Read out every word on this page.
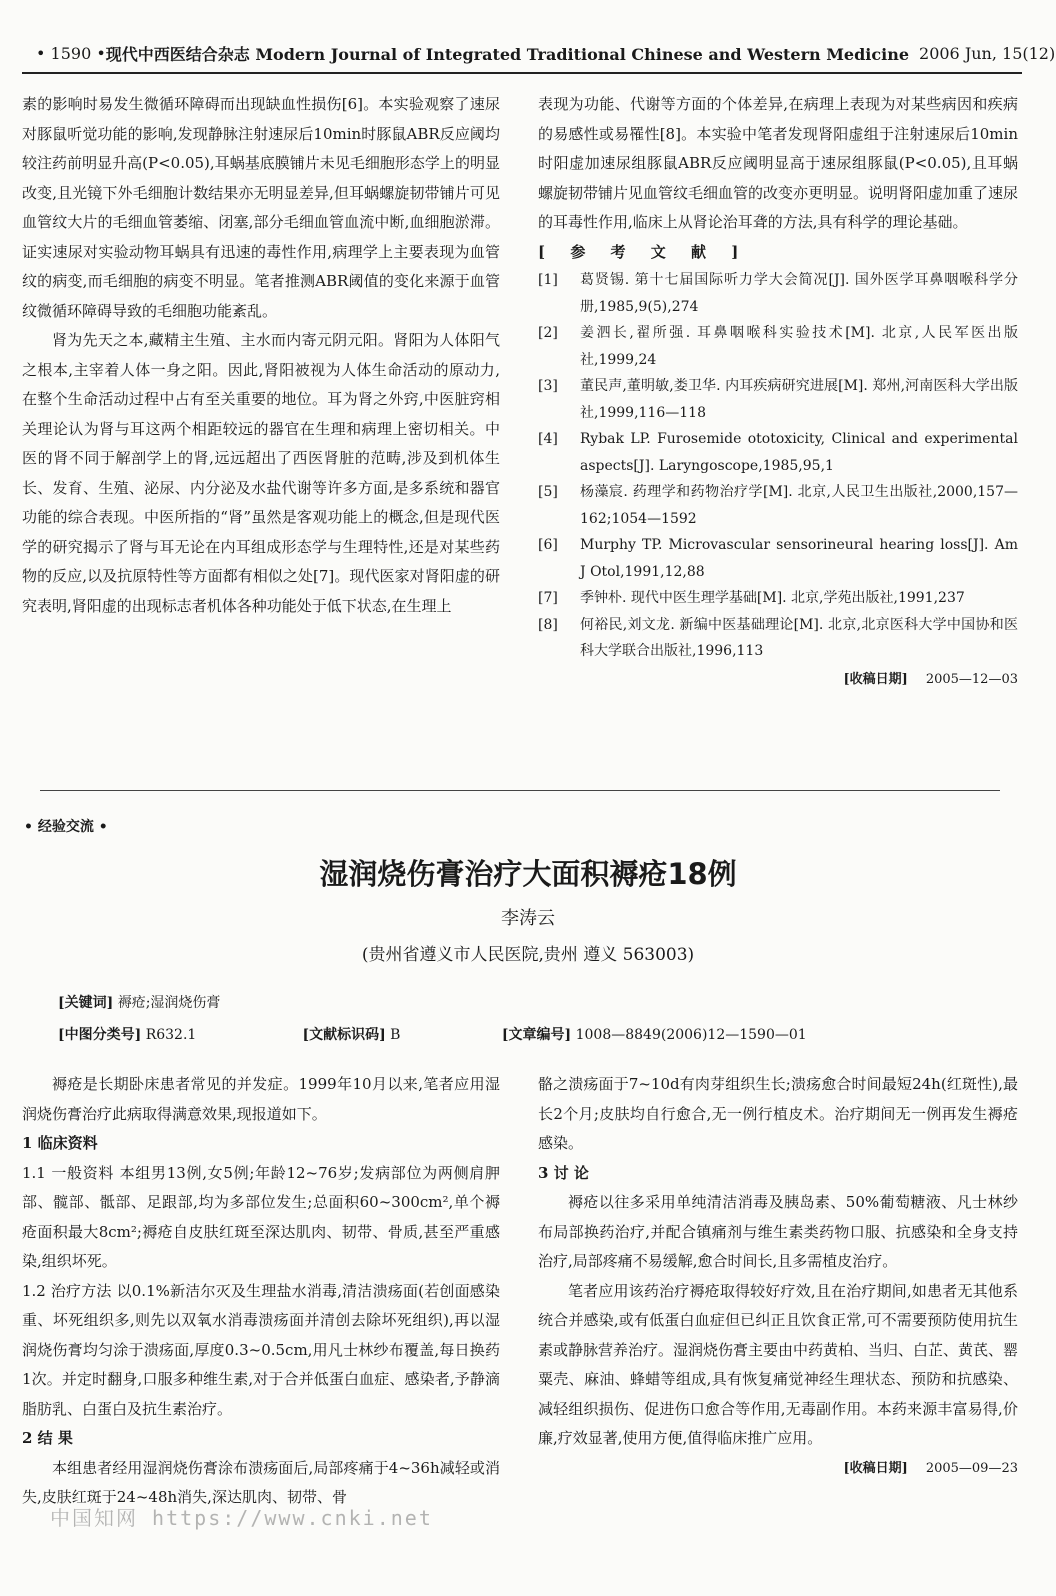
• 1590 • 现代中西医结合杂志 Modern Journal of Integrated Traditional Chinese and Western Medicine 2006 Jun, 15(12)

素的影响时易发生微循环障碍而出现缺血性损伤[6]。本实验观察了速尿对豚鼠听觉功能的影响,发现静脉注射速尿后10min时豚鼠ABR反应阈均较注药前明显升高(P<0.05),耳蜗基底膜铺片未见毛细胞形态学上的明显改变,且光镜下外毛细胞计数结果亦无明显差异,但耳蜗螺旋韧带铺片可见血管纹大片的毛细血管萎缩、闭塞,部分毛细血管血流中断,血细胞淤滞。证实速尿对实验动物耳蜗具有迅速的毒性作用,病理学上主要表现为血管纹的病变,而毛细胞的病变不明显。笔者推测ABR阈值的变化来源于血管纹微循环障碍导致的毛细胞功能紊乱。

肾为先天之本,藏精主生殖、主水而内寄元阴元阳。肾阳为人体阳气之根本,主宰着人体一身之阳。因此,肾阳被视为人体生命活动的原动力,在整个生命活动过程中占有至关重要的地位。耳为肾之外窍,中医脏窍相关理论认为肾与耳这两个相距较远的器官在生理和病理上密切相关。中医的肾不同于解剖学上的肾,远远超出了西医肾脏的范畴,涉及到机体生长、发育、生殖、泌尿、内分泌及水盐代谢等许多方面,是多系统和器官功能的综合表现。中医所指的“肾”虽然是客观功能上的概念,但是现代医学的研究揭示了肾与耳无论在内耳组成形态学与生理特性,还是对某些药物的反应,以及抗原特性等方面都有相似之处[7]。现代医家对肾阳虚的研究表明,肾阳虚的出现标志者机体各种功能处于低下状态,在生理上

表现为功能、代谢等方面的个体差异,在病理上表现为对某些病因和疾病的易感性或易罹性[8]。本实验中笔者发现肾阳虚组于注射速尿后10min时阳虚加速尿组豚鼠ABR反应阈明显高于速尿组豚鼠(P<0.05),且耳蜗螺旋韧带铺片见血管纹毛细血管的改变亦更明显。说明肾阳虚加重了速尿的耳毒性作用,临床上从肾论治耳聋的方法,具有科学的理论基础。

[ 参 考 文 献 ]

[1]	葛贤锡. 第十七届国际听力学大会简况[J]. 国外医学耳鼻咽喉科学分册,1985,9(5),274
[2]	姜泗长,翟所强. 耳鼻咽喉科实验技术[M]. 北京,人民军医出版社,1999,24
[3]	董民声,董明敏,娄卫华. 内耳疾病研究进展[M]. 郑州,河南医科大学出版社,1999,116—118
[4]	Rybak LP. Furosemide ototoxicity, Clinical and experimental aspects[J]. Laryngoscope,1985,95,1
[5]	杨藻宸. 药理学和药物治疗学[M]. 北京,人民卫生出版社,2000,157—162;1054—1592
[6]	Murphy TP. Microvascular sensorineural hearing loss[J]. Am J Otol,1991,12,88
[7]	季钟朴. 现代中医生理学基础[M]. 北京,学苑出版社,1991,237
[8]	何裕民,刘文龙. 新编中医基础理论[M]. 北京,北京医科大学中国协和医科大学联合出版社,1996,113
[收稿日期] 2005—12—03
• 经验交流 •
湿润烧伤膏治疗大面积褥疮18例
李涛云
(贵州省遵义市人民医院,贵州 遵义 563003)
[关键词] 褥疮;湿润烧伤膏
[中图分类号] R632.1	[文献标识码] B	[文章编号] 1008—8849(2006)12—1590—01

褥疮是长期卧床患者常见的并发症。1999年10月以来,笔者应用湿润烧伤膏治疗此病取得满意效果,现报道如下。

1 临床资料

1.1 一般资料 本组男13例,女5例;年龄12~76岁;发病部位为两侧肩胛部、髋部、骶部、足跟部,均为多部位发生;总面积60~300cm²,单个褥疮面积最大8cm²;褥疮自皮肤红斑至深达肌肉、韧带、骨质,甚至严重感染,组织坏死。

1.2 治疗方法 以0.1%新洁尔灭及生理盐水消毒,清洁溃疡面(若创面感染重、坏死组织多,则先以双氧水消毒溃疡面并清创去除坏死组织),再以湿润烧伤膏均匀涂于溃疡面,厚度0.3~0.5cm,用凡士林纱布覆盖,每日换药1次。并定时翻身,口服多种维生素,对于合并低蛋白血症、感染者,予静滴脂肪乳、白蛋白及抗生素治疗。

2 结 果

本组患者经用湿润烧伤膏涂布溃疡面后,局部疼痛于4~36h减轻或消失,皮肤红斑于24~48h消失,深达肌肉、韧带、骨

骼之溃疡面于7~10d有肉芽组织生长;溃疡愈合时间最短24h(红斑性),最长2个月;皮肤均自行愈合,无一例行植皮术。治疗期间无一例再发生褥疮感染。

3 讨 论

褥疮以往多采用单纯清洁消毒及胰岛素、50%葡萄糖液、凡士林纱布局部换药治疗,并配合镇痛剂与维生素类药物口服、抗感染和全身支持治疗,局部疼痛不易缓解,愈合时间长,且多需植皮治疗。

笔者应用该药治疗褥疮取得较好疗效,且在治疗期间,如患者无其他系统合并感染,或有低蛋白血症但已纠正且饮食正常,可不需要预防使用抗生素或静脉营养治疗。湿润烧伤膏主要由中药黄柏、当归、白芷、黄芪、罂粟壳、麻油、蜂蜡等组成,具有恢复痛觉神经生理状态、预防和抗感染、减轻组织损伤、促进伤口愈合等作用,无毒副作用。本药来源丰富易得,价廉,疗效显著,使用方便,值得临床推广应用。

[收稿日期] 2005—09—23
中国知网 https://www.cnki.net
